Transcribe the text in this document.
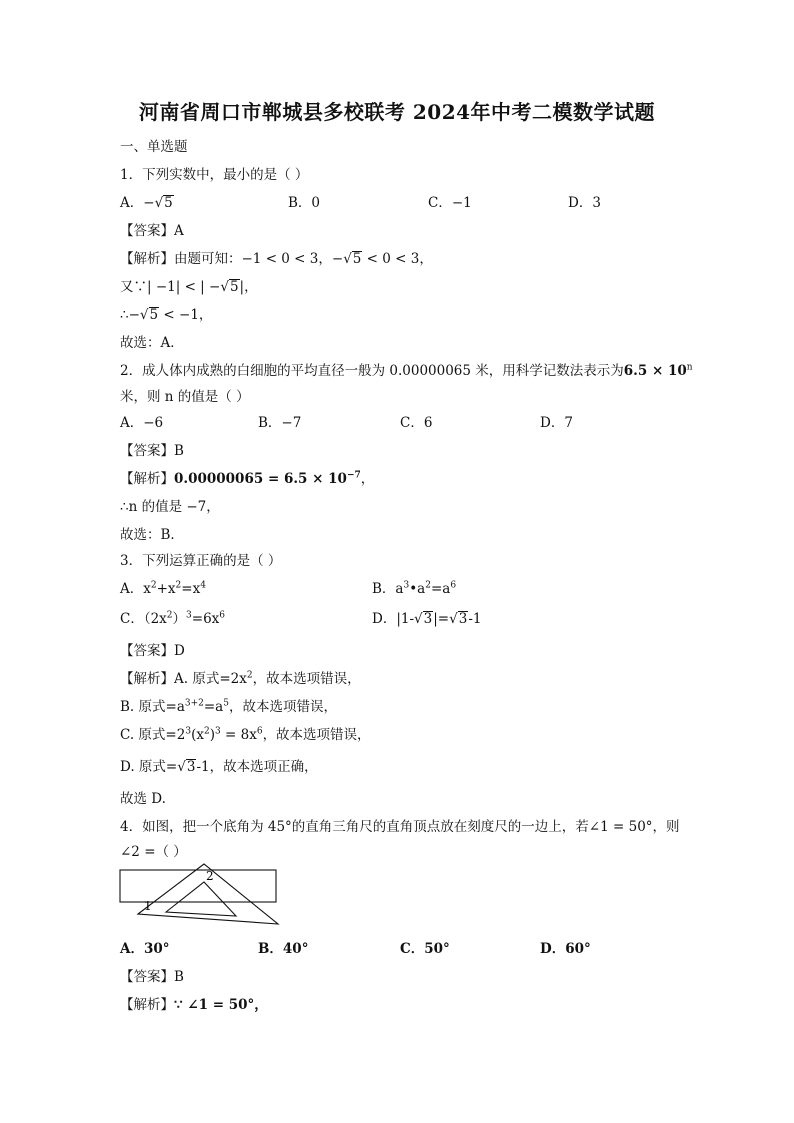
河南省周口市郸城县多校联考 2024年中考二模数学试题
一、单选题
1．下列实数中，最小的是（ ）
A．−√5	B．0	C．−1	D．3
【答案】A
【解析】由题可知：−1 < 0 < 3，−√5 < 0 < 3，
又∵| −1| < | −√5|，
∴−√5 < −1，
故选：A．
2．成人体内成熟的白细胞的平均直径一般为 0.00000065 米，用科学记数法表示为$6.5 \times 10^n$
米，则 n 的值是（ ）
A．−6	B．−7	C．6	D．7
【答案】B
【解析】$0.00000065 = 6.5 \times 10^{-7}$，
∴n 的值是 −7，
故选：B．
3．下列运算正确的是（ ）
A．$x^2+x^2=x^4$	B．$a^3•a^2=a^6$
C．$(2x^2)^3=6x^6$	D．|1-√3|=√3-1
【答案】D
【解析】A. 原式$=2x^2$，故本选项错误，
B. 原式$=a^{3+2}=a^5$，故本选项错误，
C. 原式$=2^3(x^2)^3 = 8x^6$，故本选项错误，
D. 原式=√3-1，故本选项正确，
故选 D.
4．如图，把一个底角为 45°的直角三角尺的直角顶点放在刻度尺的一边上，若∠1 = 50°，则
∠2 =（ ）
1
2
A．30°	B．40°	C．50°	D．60°
【答案】B
【解析】∵ ∠1 = 50°，
